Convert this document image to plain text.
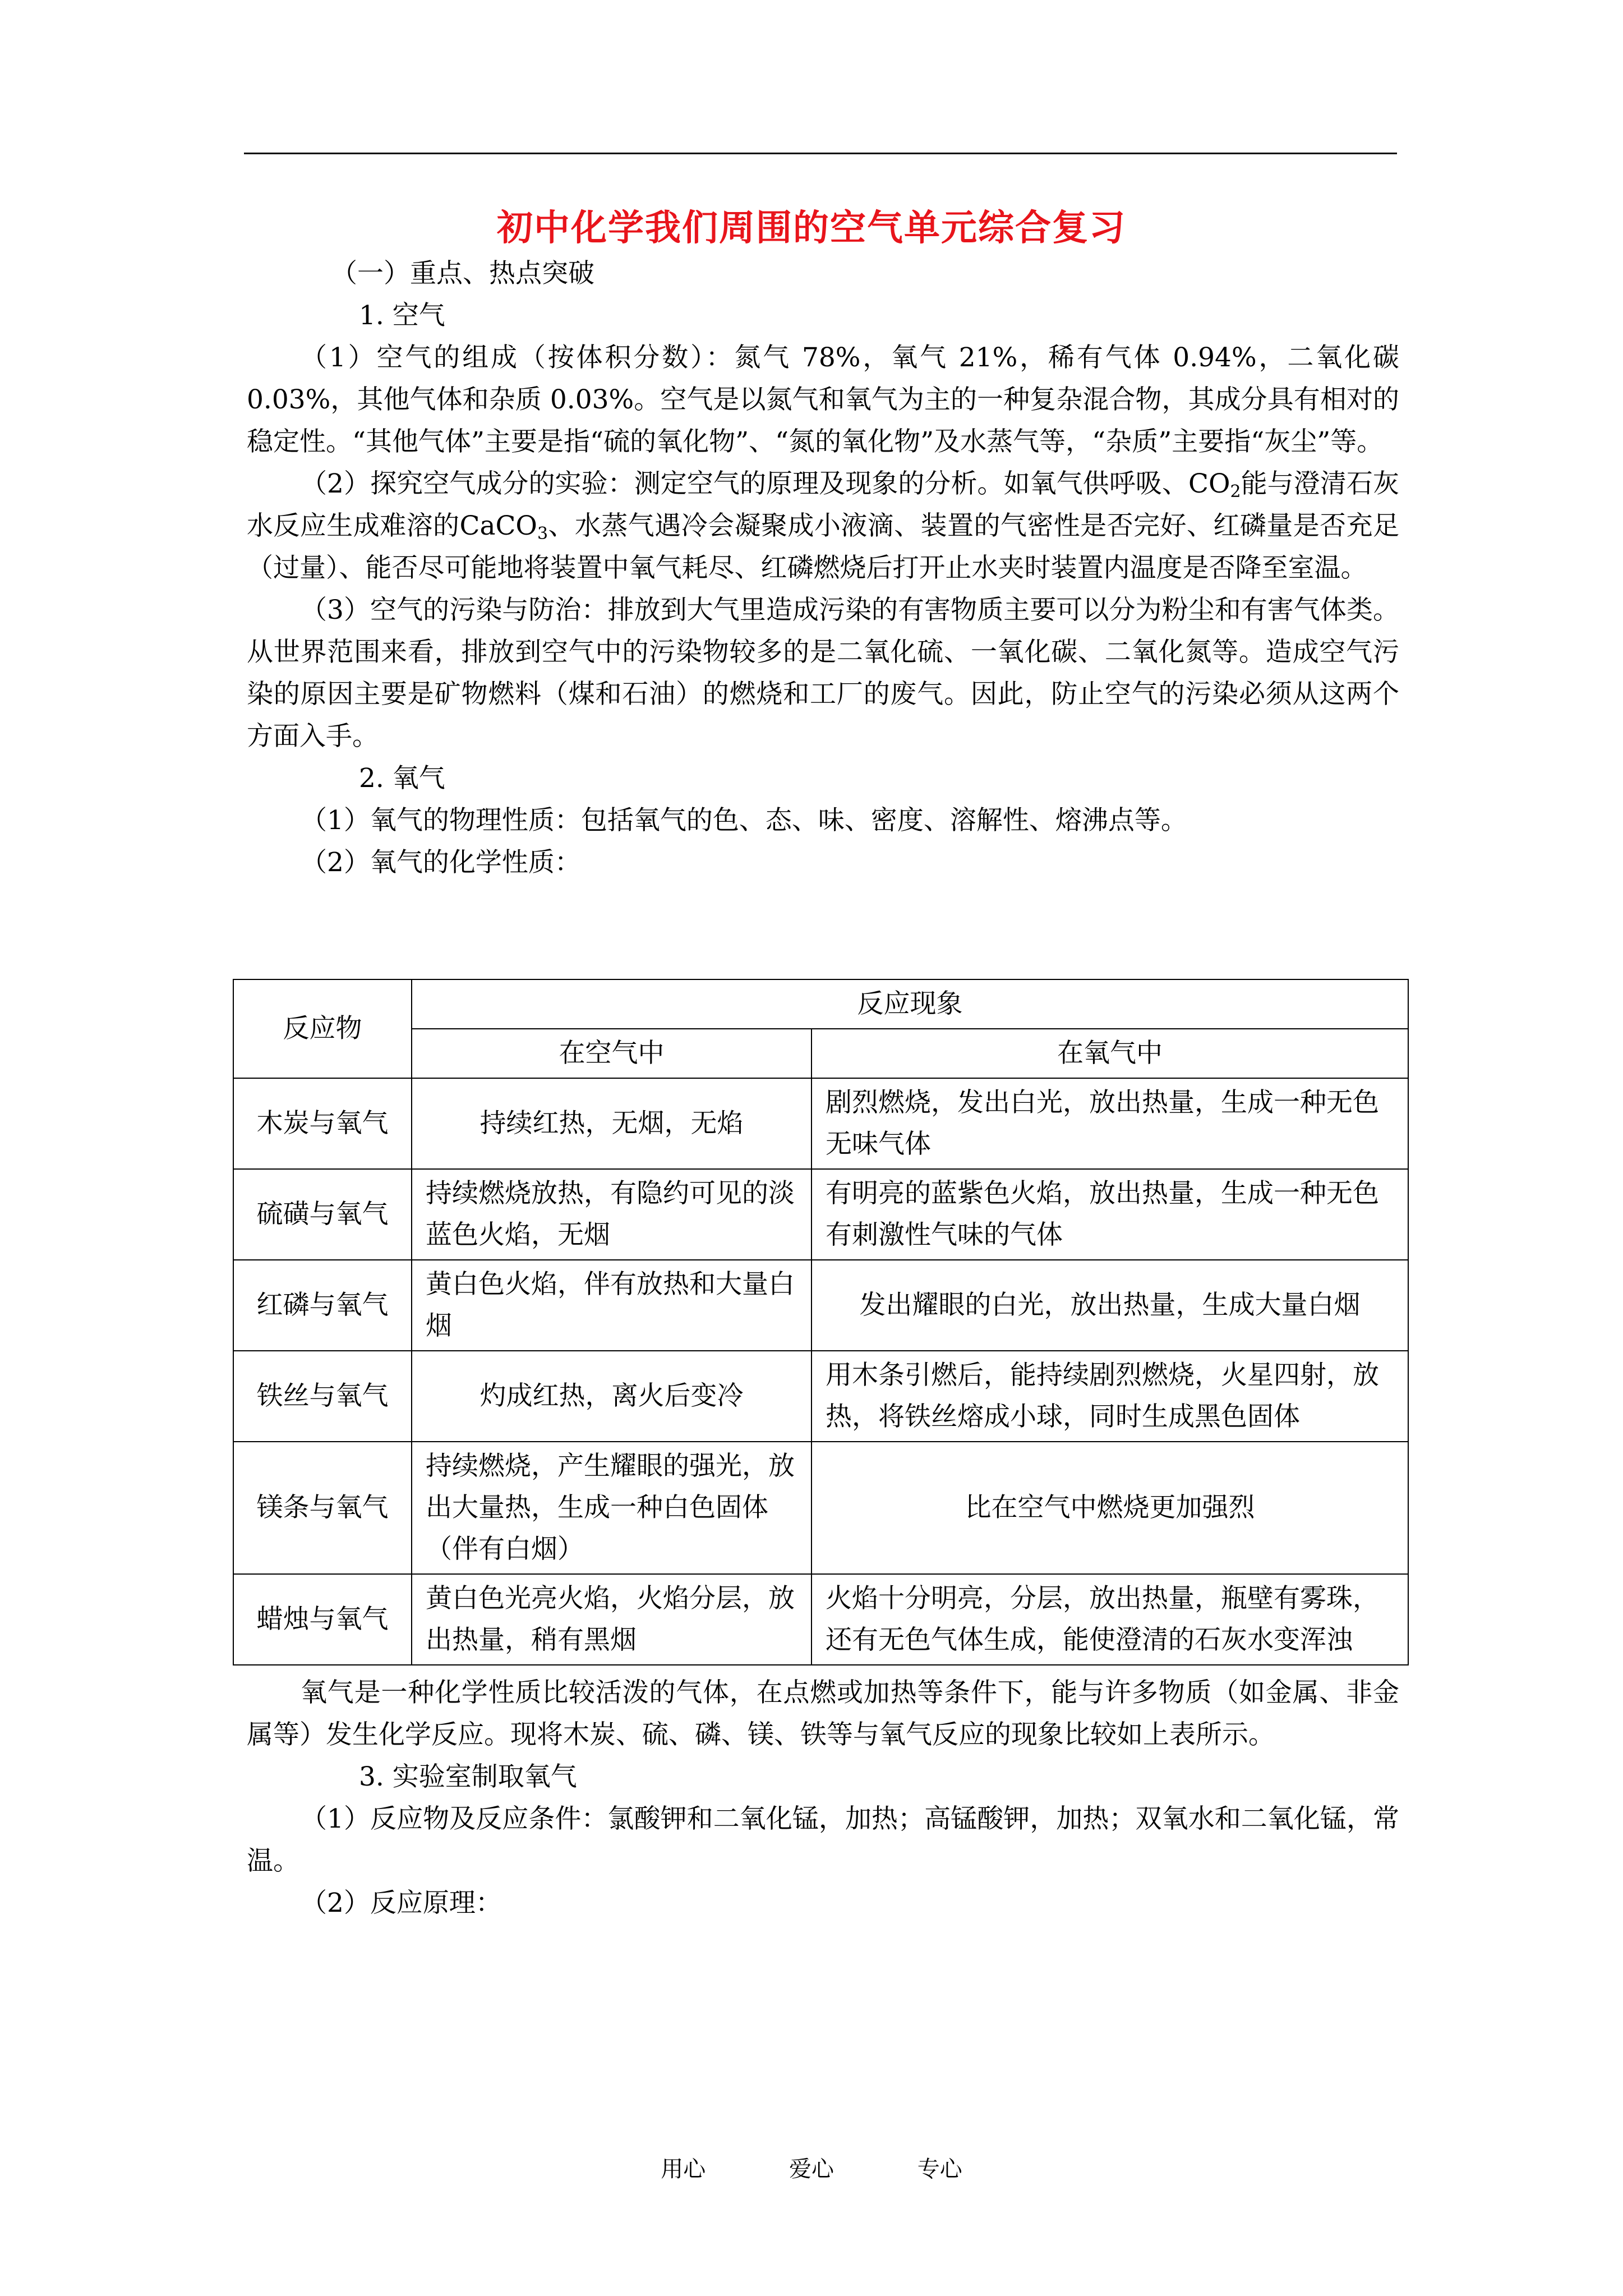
初中化学我们周围的空气单元综合复习

（一）重点、热点突破

1. 空气

（1）空气的组成（按体积分数）：氮气 78%，氧气 21%，稀有气体 0.94%，二氧化碳 0.03%，其他气体和杂质 0.03%。空气是以氮气和氧气为主的一种复杂混合物，其成分具有相对的稳定性。“其他气体”主要是指“硫的氧化物”、“氮的氧化物”及水蒸气等，“杂质”主要指“灰尘”等。

（2）探究空气成分的实验：测定空气的原理及现象的分析。如氧气供呼吸、$CO_2$能与澄清石灰水反应生成难溶的CaCO$_3$、水蒸气遇冷会凝聚成小液滴、装置的气密性是否完好、红磷量是否充足（过量）、能否尽可能地将装置中氧气耗尽、红磷燃烧后打开止水夹时装置内温度是否降至室温。

（3）空气的污染与防治：排放到大气里造成污染的有害物质主要可以分为粉尘和有害气体类。从世界范围来看，排放到空气中的污染物较多的是二氧化硫、一氧化碳、二氧化氮等。造成空气污染的原因主要是矿物燃料（煤和石油）的燃烧和工厂的废气。因此，防止空气的污染必须从这两个方面入手。

2. 氧气

（1）氧气的物理性质：包括氧气的色、态、味、密度、溶解性、熔沸点等。

（2）氧气的化学性质：

反应物	反应现象	
	在空气中	在氧气中
木炭与氧气	持续红热，无烟，无焰	剧烈燃烧，发出白光，放出热量，生成一种无色无味气体
硫磺与氧气	持续燃烧放热，有隐约可见的淡蓝色火焰，无烟	有明亮的蓝紫色火焰，放出热量，生成一种无色有刺激性气味的气体
红磷与氧气	黄白色火焰，伴有放热和大量白烟	发出耀眼的白光，放出热量，生成大量白烟
铁丝与氧气	灼成红热，离火后变冷	用木条引燃后，能持续剧烈燃烧，火星四射，放热，将铁丝熔成小球，同时生成黑色固体
镁条与氧气	持续燃烧，产生耀眼的强光，放出大量热，生成一种白色固体（伴有白烟）	比在空气中燃烧更加强烈
蜡烛与氧气	黄白色光亮火焰，火焰分层，放出热量，稍有黑烟	火焰十分明亮，分层，放出热量，瓶壁有雾珠，还有无色气体生成，能使澄清的石灰水变浑浊

氧气是一种化学性质比较活泼的气体，在点燃或加热等条件下，能与许多物质（如金属、非金属等）发生化学反应。现将木炭、硫、磷、镁、铁等与氧气反应的现象比较如上表所示。

3. 实验室制取氧气

（1）反应物及反应条件：氯酸钾和二氧化锰，加热；高锰酸钾，加热；双氧水和二氧化锰，常温。

（2）反应原理：

用心	爱心	专心
